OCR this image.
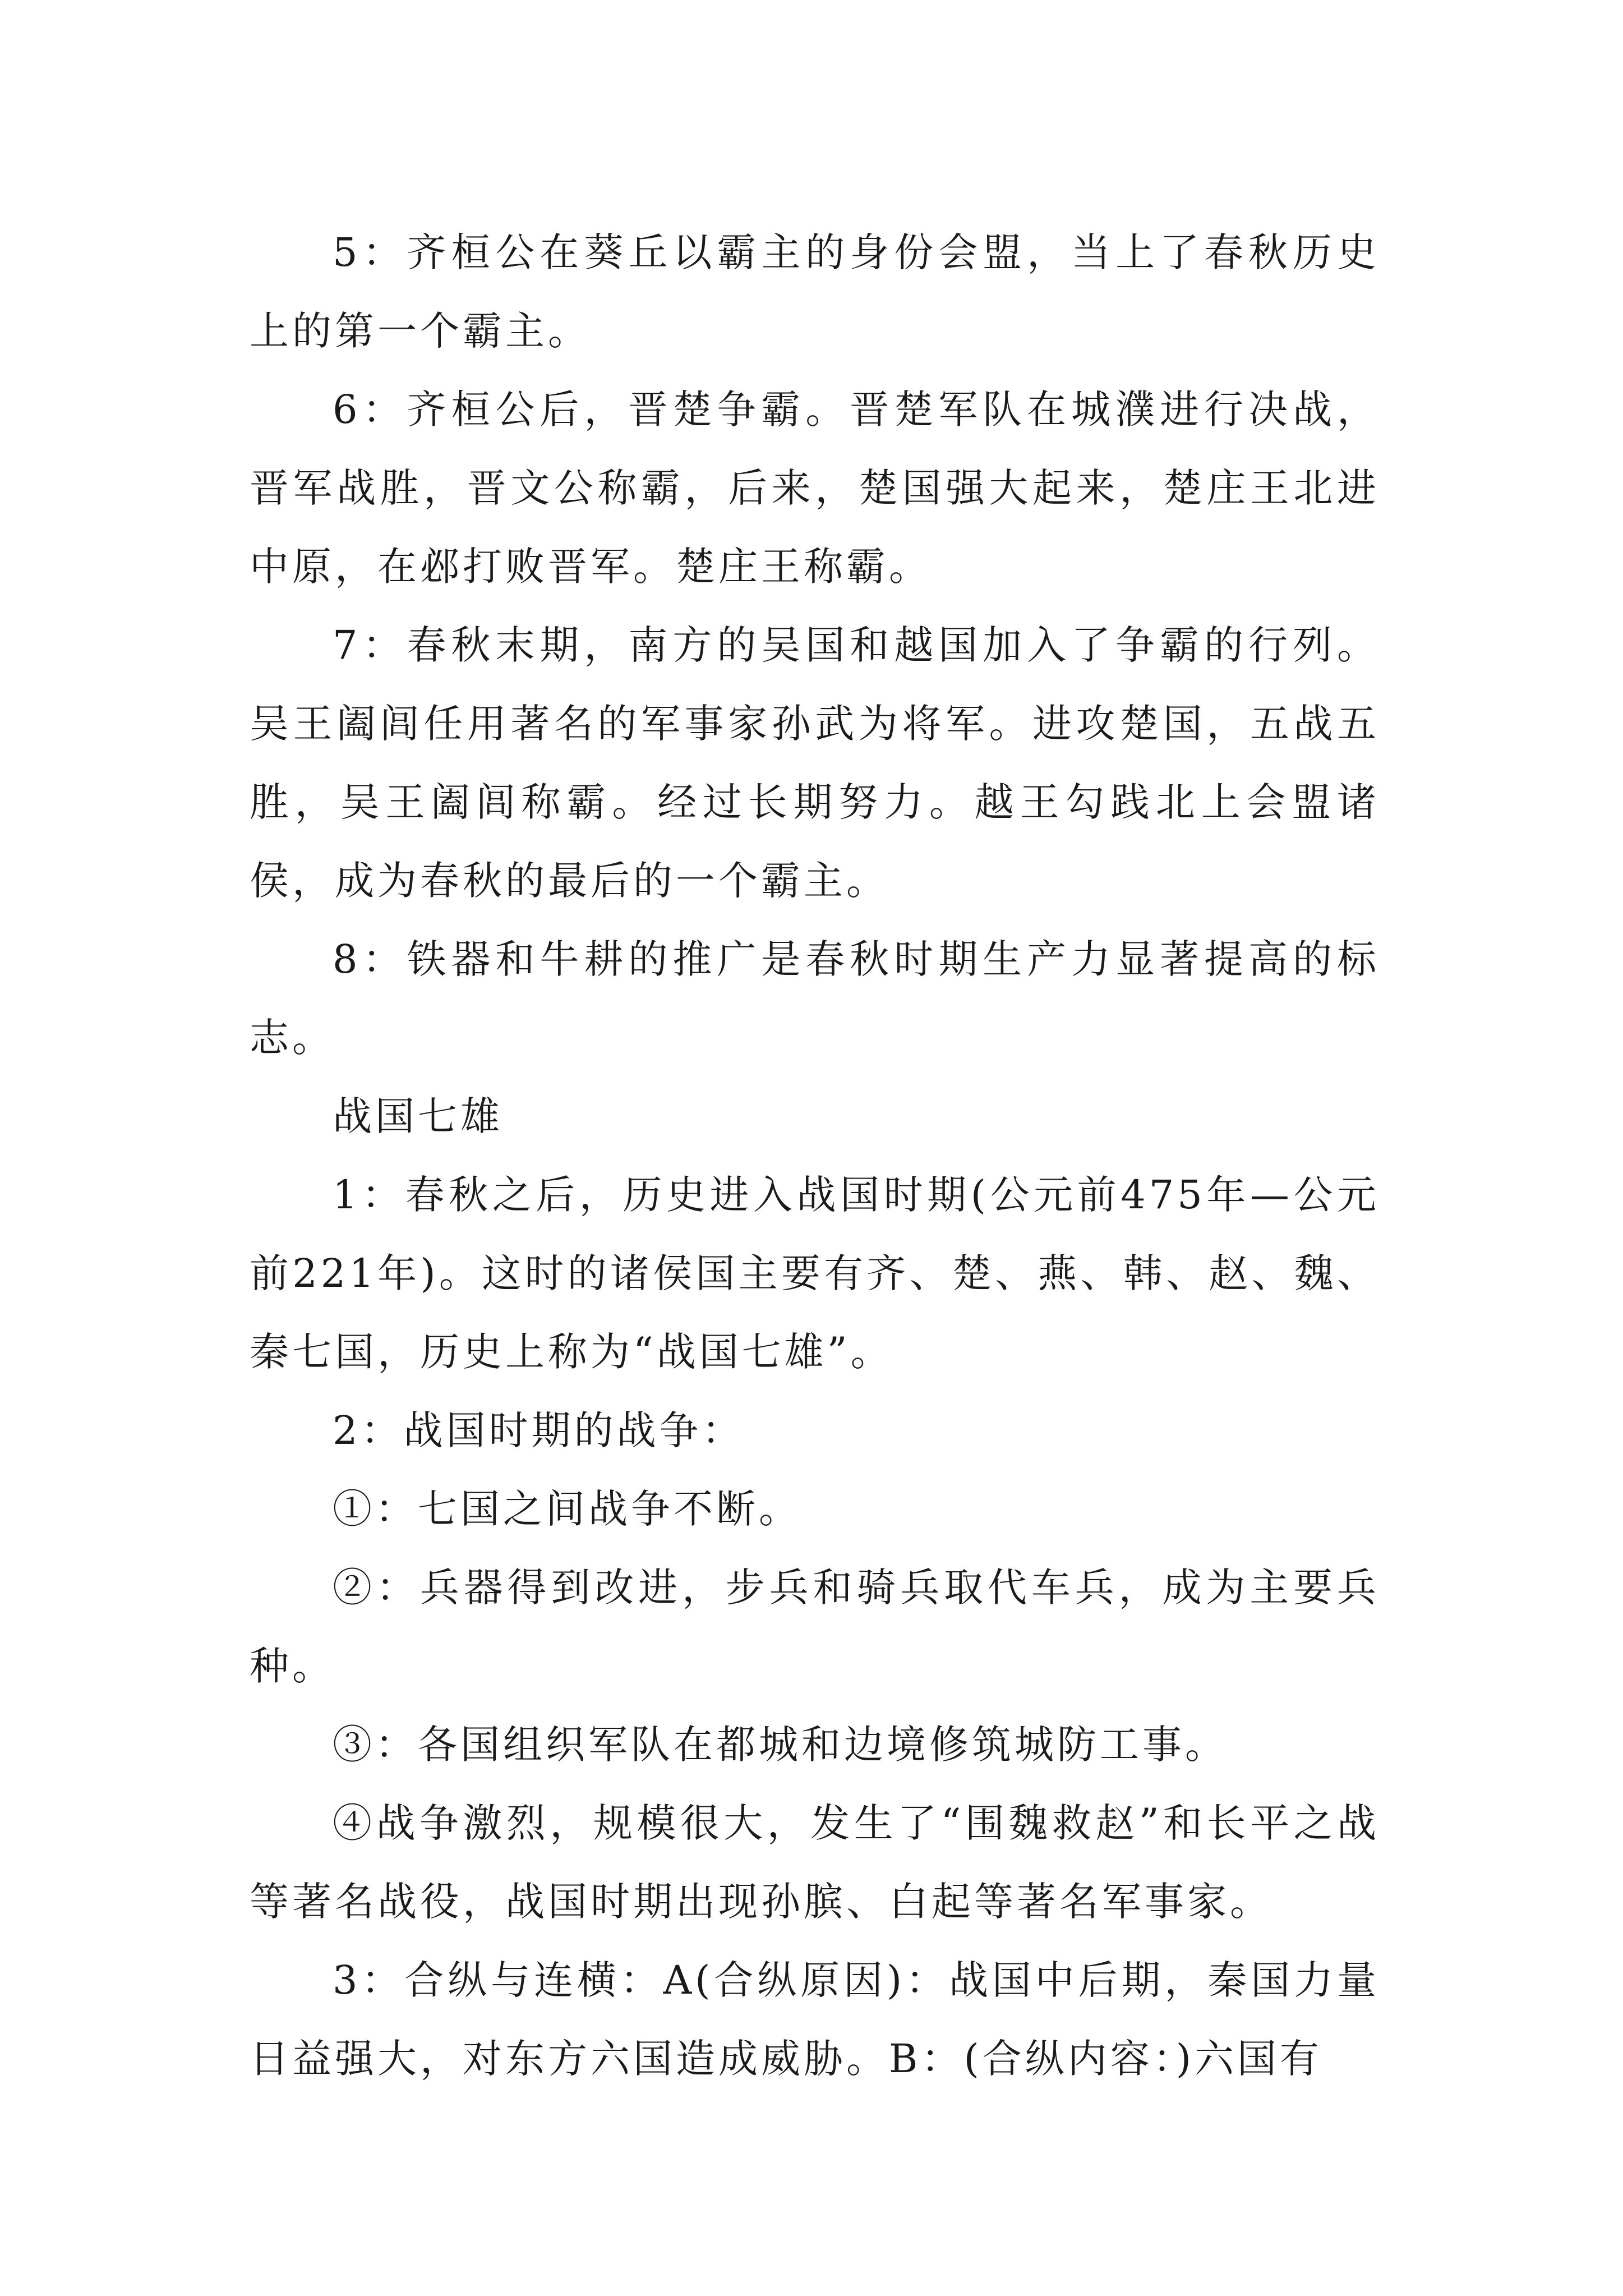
5：齐桓公在葵丘以霸主的身份会盟，当上了春秋历史上的第一个霸主。

6：齐桓公后，晋楚争霸。晋楚军队在城濮进行决战，晋军战胜，晋文公称霸，后来，楚国强大起来，楚庄王北进中原，在邲打败晋军。楚庄王称霸。

7：春秋末期，南方的吴国和越国加入了争霸的行列。吴王阖闾任用著名的军事家孙武为将军。进攻楚国，五战五胜，吴王阖闾称霸。经过长期努力。越王勾践北上会盟诸侯，成为春秋的最后的一个霸主。

8：铁器和牛耕的推广是春秋时期生产力显著提高的标志。

战国七雄

1：春秋之后，历史进入战国时期(公元前475年—公元前221年)。这时的诸侯国主要有齐、楚、燕、韩、赵、魏、秦七国，历史上称为“战国七雄”。

2：战国时期的战争：

①：七国之间战争不断。

②：兵器得到改进，步兵和骑兵取代车兵，成为主要兵种。

③：各国组织军队在都城和边境修筑城防工事。

④战争激烈，规模很大，发生了“围魏救赵”和长平之战等著名战役，战国时期出现孙膑、白起等著名军事家。

3：合纵与连横：A(合纵原因)：战国中后期，秦国力量日益强大，对东方六国造成威胁。B：(合纵内容：)六国有
